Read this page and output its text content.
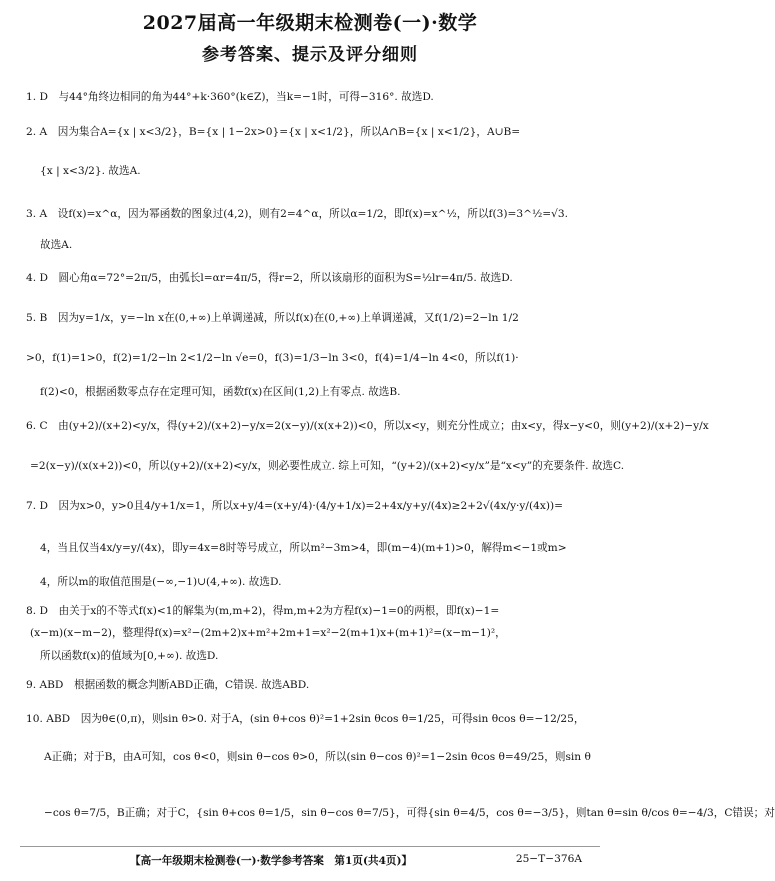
2027届高一年级期末检测卷(一)·数学
参考答案、提示及评分细则
1. D　与44°角终边相同的角为44°+k·360°(k∈Z)，当k=−1时，可得−316°. 故选D.
2. A　因为集合A={x | x<3/2}，B={x | 1−2x>0}={x | x<1/2}，所以A∩B={x | x<1/2}，A∪B=
{x | x<3/2}. 故选A.
3. A　设f(x)=x^α，因为幂函数的图象过(4,2)，则有2=4^α，所以α=1/2，即f(x)=x^½，所以f(3)=3^½=√3.
故选A.
4. D　圆心角α=72°=2π/5，由弧长l=αr=4π/5，得r=2，所以该扇形的面积为S=½lr=4π/5. 故选D.
5. B　因为y=1/x，y=−ln x在(0,+∞)上单调递减，所以f(x)在(0,+∞)上单调递减，又f(1/2)=2−ln 1/2
>0，f(1)=1>0，f(2)=1/2−ln 2<1/2−ln √e=0，f(3)=1/3−ln 3<0，f(4)=1/4−ln 4<0，所以f(1)·
f(2)<0，根据函数零点存在定理可知，函数f(x)在区间(1,2)上有零点. 故选B.
6. C　由(y+2)/(x+2)<y/x，得(y+2)/(x+2)−y/x=2(x−y)/(x(x+2))<0，所以x<y，则充分性成立；由x<y，得x−y<0，则(y+2)/(x+2)−y/x
=2(x−y)/(x(x+2))<0，所以(y+2)/(x+2)<y/x，则必要性成立. 综上可知，“(y+2)/(x+2)<y/x”是“x<y”的充要条件. 故选C.
7. D　因为x>0，y>0且4/y+1/x=1，所以x+y/4=(x+y/4)·(4/y+1/x)=2+4x/y+y/(4x)≥2+2√(4x/y·y/(4x))=
4，当且仅当4x/y=y/(4x)，即y=4x=8时等号成立，所以m²−3m>4，即(m−4)(m+1)>0，解得m<−1或m>
4，所以m的取值范围是(−∞,−1)∪(4,+∞). 故选D.
8. D　由关于x的不等式f(x)<1的解集为(m,m+2)，得m,m+2为方程f(x)−1=0的两根，即f(x)−1=
(x−m)(x−m−2)，整理得f(x)=x²−(2m+2)x+m²+2m+1=x²−2(m+1)x+(m+1)²=(x−m−1)²，
所以函数f(x)的值域为[0,+∞). 故选D.
9. ABD　根据函数的概念判断ABD正确，C错误. 故选ABD.
10. ABD　因为θ∈(0,π)，则sin θ>0. 对于A，(sin θ+cos θ)²=1+2sin θcos θ=1/25，可得sin θcos θ=−12/25，
A正确；对于B，由A可知，cos θ<0，则sin θ−cos θ>0，所以(sin θ−cos θ)²=1−2sin θcos θ=49/25，则sin θ
−cos θ=7/5，B正确；对于C，{sin θ+cos θ=1/5，sin θ−cos θ=7/5}，可得{sin θ=4/5，cos θ=−3/5}，则tan θ=sin θ/cos θ=−4/3，C错误；对
【高一年级期末检测卷(一)·数学参考答案　第1页(共4页)】	25−T−376A
